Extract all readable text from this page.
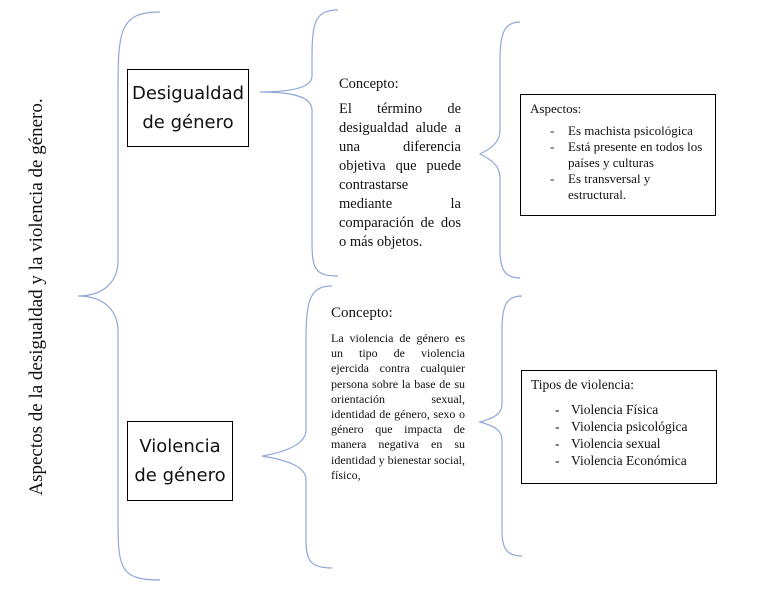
Aspectos de la desigualdad y la violencia de género.
Desigualdad
de género
Violencia
de género
Concepto:
El término de desigualdad alude a una diferencia objetiva que puede contrastarse mediante la comparación de dos o más objetos.
Concepto:
La violencia de género es un tipo de violencia ejercida contra cualquier persona sobre la base de su orientación sexual, identidad de género, sexo o género que impacta de manera negativa en su identidad y bienestar social, físico,
Aspectos:
- Es machista psicológica
- Está presente en todos los países y culturas
- Es transversal y estructural.
Tipos de violencia:
- Violencia Física
- Violencia psicológica
- Violencia sexual
- Violencia Económica
